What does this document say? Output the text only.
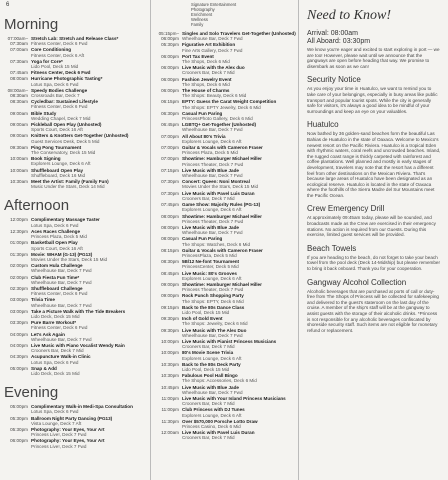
6
Morning
07:00am–
07:30am
Stretch Lab: Stretch and Release Class*
Fitness Center, Deck 6 Fwd
07:00am Core Conditioning
Fitness Center, Deck 6 Aft
07:30am Yoga for Core*
Lido Pool, Deck 15 Mid
07:45am Fitness Center, Deck 6 Fwd
08:00am Hurricane Photographic Tasting*
Lotus Spa, Deck 6 Fwd
08:00am–
08:30am
Speedy Bodies Challenge
Crossroads Bar, Deck 7
08:30am Cycledbar: Sustained Lifestyle
Fitness Center, Deck 6 Fwd
09:00am Bible Study
Wedding Chapel, Deck 7 Mid
09:00am Pickleball Open Play (Unhosted)
Sports Court, Deck 16 Aft
09:00am Knitters & Knotters Get-Together (Unhosted)
Guest Services Desk, Deck 5 Mid
09:30am Ping Pong Tournament
The Conservatory, Deck 15 Mid
10:00am Book Signing
Explorers Lounge, Deck 6 Aft
10:00am Shuffleboard Open Play
Shuffleboard, Deck 16 Mid
10:30am Meet the Artist: Family (Family Fun)
Music Under the Stars, Deck 14 Mid
Afternoon
12:00pm Complimentary Massage Taster
Lotus Spa, Deck 6 Fwd
12:30pm Aces Races Challenge
Princess Plaza, Deck 5 Mid
01:00pm Basketball Open Play
Sports Court, Deck 16 Aft
01:30pm Movie: WHAM (G-13) (PG13)
Movies Under the Stars, Deck 15 Mid
02:00pm Custom Hula Challenge
Wheelhouse Bar, Deck 7 Fwd
02:00pm Club Fiesta Fun Time*
Wheelhouse Bar, Deck 7 Fwd
02:30pm Shuffleboard Challenge
Fitness Center, Deck 6 Fwd
03:00pm Trivia Time
Wheelhouse Bar, Deck 7 Fwd
03:00pm Take a Picture Walk with The Tide Breakers
Lido Deck, Deck 15 Mid
03:30pm Pure Barre Workout*
Fitness Center, Deck 6 Fwd
04:00pm Let's Ask Again
Wheelhouse Bar, Deck 7 Fwd
04:00pm Live Music with Piano Vocalist Wendy Rain
Crooners Bar, Deck 7 Mid
04:30pm Acupuncture Walk-in Clinic
Lotus Spa, Deck 6 Fwd
05:00pm Snap & Add
Lido Deck, Deck 15 Mid
Evening
05:00pm Complimentary Walk-in Medi-Spa Consultation
Lotus Spa, Deck 6 Fwd
05:30pm Ballroom Night Party Dancing (PG13)
Vista Lounge, Deck 7 Aft
05:30pm Photography: Your Eyes, Your Art
Princess Live!, Deck 7 Fwd
06:00pm Photography: Your Eyes, Your Art
Princess Live!, Deck 7 Fwd
Signature Entertainment
Photography
Enrichment
Wellness
Family
05:15pm–
06:00pm
Singles and Solo Travelers Get-Together (Unhosted)
Wheelhouse Bar, Deck 7 Fwd
05:30pm Figurative Art Exhibition
Fine Arts Gallery, Deck 7 Fwd
06:00pm Port Tax Event
The Shops, Deck 6 Mid
06:00pm Live Music with the Alex duo
Crooners Bar, Deck 7 Mid
06:00pm Fashion Jewelry Event
The Shops, Deck 6 Mid
06:00pm The House of Charms
The Shops: Beauty, Deck 6 Mid
06:15pm EPTY: Guess the Carat Weight Competition
The Shops: EPTY Jewelry, Deck 6 Mid
06:30pm Casual Fun Paring
PrincessPhoto Gallery, Deck 6 Mid
06:45pm LGBTQ+ Get-Together (Unhosted)
Wheelhouse Bar, Deck 7 Fwd
07:00pm All About 80's Trivia
Explorers Lounge, Deck 6 Aft
07:00pm Guitar & Vocals with Cameron Fraser
Princess Plaza, Deck 5 Mid
07:00pm Showtime: Hamburger Michael Hiller
Princess Theater, Deck 7 Fwd
07:15pm Live Music with Blue Jade
Wheelhouse Bar, Deck 7 Fwd
07:30pm Concert: Queen: Noni Montreal
Movies Under the Stars, Deck 15 Mid
07:30pm Live Music with Pavel Luis Duran
Crooners Bar, Deck 7 Mid
07:45pm Game Show: Majority Rules (PG-13)
Explorers Lounge, Deck 6 Aft
08:00pm Showtime: Hamburger Michael Hiller
Princess Theater, Deck 7 Fwd
08:00pm Live Music with Blue Jade
Wheelhouse Bar, Deck 7 Fwd
08:00pm Casual Fun Paring
The Shops: Watches, Deck 6 Mid
08:15pm Guitar & Vocals with Cameron Fraser
PrincessPlaza, Deck 5 Mid
08:30pm 5B/12 Ne-font Tournament
PrincessCenter, Deck 5 Mid
08:45pm Live Music: 80's Grooves
Explorers Lounge, Deck 6 Aft
09:00pm Showtime: Hamburger Michael Hiller
Princess Theater, Deck 7 Fwd
09:00pm Rock Punch Shopping Party
The Shops: EPTY, Deck 6 Mid
09:15pm Back to the 80s Dance Class
Lido Pool, Deck 15 Mid
09:30pm Inch of Gold Event
The Shops: Jewelry, Deck 6 Mid
09:30pm Live Music with The Alex Duo
Wheelhouse Bar, Deck 7 Fwd
10:00pm Live Music with Pianist Princess Musicians
Crooners Bar, Deck 7 Mid
10:00pm 80's Movie Scene Trivia
Explorers Lounge, Deck 6 Aft
10:30pm Back to the 80s Deck Party
Lido Pool, Deck 15 Mid
10:30pm Fabulous Pool Hall Bingo
The Shops: Accessories, Deck 6 Mid
10:45pm Live Music with Blue Jade
Wheelhouse Bar, Deck 7 Fwd
11:00pm Live Music with Your Island Princess Musicians
Crooners Bar, Deck 7 Mid
11:00pm Club Princess with DJ Tunes
Explorers Lounge, Deck 6 Aft
11:30pm Over $570,000 Porsche Lotto Draw
Princess Casino, Deck 6 Mid
12:00am Live Music with Pavel Luis Duran
Crooners Bar, Deck 7 Mid
Need to Know!
Arrival: 08:00am
All Aboard: 03:30pm
We know you're eager and excited to start exploring in port — we are too! However, please wait until we announce that the gangways are open before heading that way. We promise to disembark as soon as we can!
Security Notice
As you enjoy your time in Huatulco, we want to remind you to take care of your belongings, especially in busy areas like public transport and popular tourist spots. While the city is generally safe for visitors, it's always a good idea to be mindful of your surroundings and keep an eye on your valuables.
Huatulco
Now bathed by 36 golden-sand beaches form the beautiful Las Bahias de Huatulco in the state of Oaxaca. Welcome to Mexico's newest resort on the Pacific Riviera. Huatulco is a tropical Eden with rhythmic waters, coral reefs and uncrowded beaches. Inland, the rugged coast range is thickly carpeted with rainforest and coffee plantations. Well planned and mostly in early stages of development, travelers may note that the resort has a different feel from other destinations on the Mexican Riviera. That's because large areas of Huatulco have been designated as an ecological reserve. Huatulco is located in the state of Oaxaca where the foothills of the Sierra Madre del Sur Mountains meet the Pacific Ocean.
Crew Emergency Drill
At approximately 09:45am today, please will be sounded, and broadcasts made as the Crew are exercised in their emergency stations. No action is required from our Guests. During this exercise, limited guest services will be provided.
Beach Towels
If you are heading to the beach, do not forget to take your beach towel from the pool deck (Deck 14-Midship) but please remember to bring it back onboard. Thank you for your cooperation.
Gangway Alcohol Collection
Alcoholic beverages that are purchased at ports of call or duty-free from The Shops of Princess will be collected for safekeeping and delivered to the guest's stateroom on the last day of the cruise. A member of the ship's staff will be at the gangway to assist guests with the storage of their alcoholic drinks. *Princess is not responsible for any alcoholic beverages confiscated by shoreside security staff. Such items are not eligible for monetary refund or replacement.
